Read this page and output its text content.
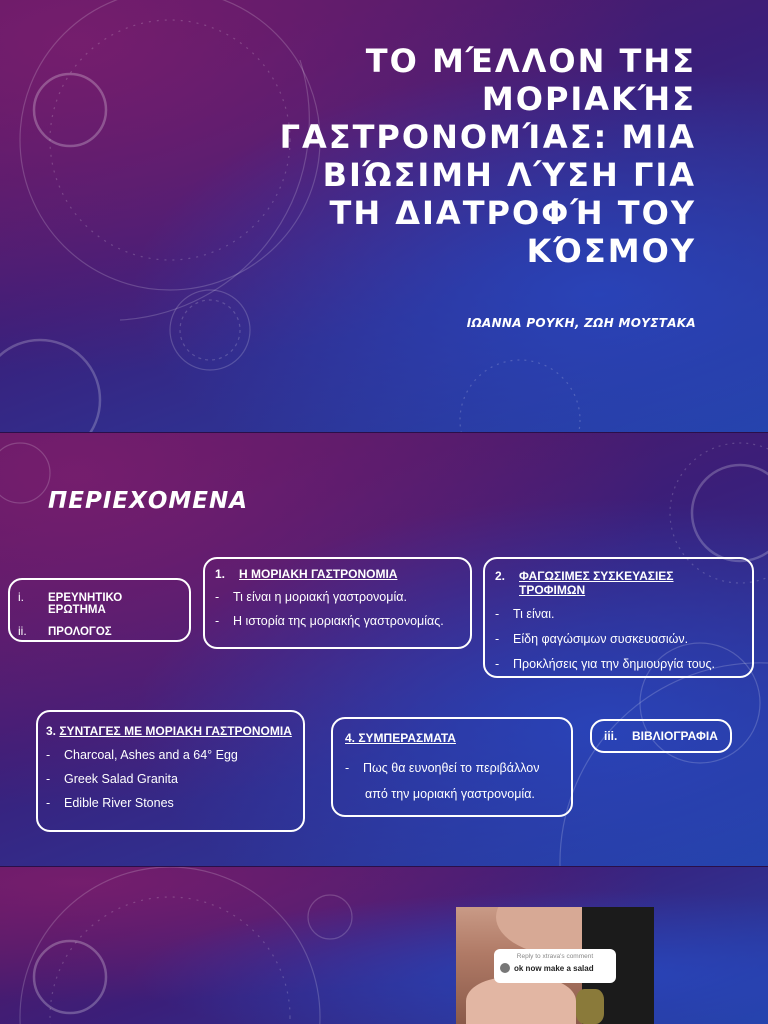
ΤΟ ΜΈΛΛΟΝ ΤΗΣ ΜΟΡΙΑΚΉΣ ΓΑΣΤΡΟΝΟΜΊΑΣ: ΜΙΑ ΒΙΏΣΙΜΗ ΛΎΣΗ ΓΙΑ ΤΗ ΔΙΑΤΡΟΦΉ ΤΟΥ ΚΌΣΜΟΥ
ΙΩΑΝΝΑ ΡΟΥΚΗ, ΖΩΗ ΜΟΥΣΤΑΚΑ
ΠΕΡΙΕΧΟΜΕΝΑ
i.	ΕΡΕΥΝΗΤΙΚΟ ΕΡΩΤΗΜΑ
ii.	ΠΡΟΛΟΓΟΣ
1.	Η ΜΟΡΙΑΚΗ ΓΑΣΤΡΟΝΟΜΙΑ
-	Τι είναι η μοριακή γαστρονομία.
-	Η ιστορία της μοριακής γαστρονομίας.
2.	ΦΑΓΩΣΙΜΕΣ ΣΥΣΚΕΥΑΣΙΕΣ ΤΡΟΦΙΜΩΝ
-	Τι είναι.
-	Είδη φαγώσιμων συσκευασιών.
-	Προκλήσεις για την δημιουργία τους.
3. ΣΥΝΤΑΓΕΣ ΜΕ ΜΟΡΙΑΚΗ ΓΑΣΤΡΟΝΟΜΙΑ
-	Charcoal, Ashes and a 64° Egg
-	Greek Salad Granita
-	Edible River Stones
4. ΣΥΜΠΕΡΑΣΜΑΤΑ
-	Πως θα ευνοηθεί το περιβάλλον
από την μοριακή γαστρονομία.
iii.	ΒΙΒΛΙΟΓΡΑΦΙΑ
Reply to xtrava's comment
ok now make a salad
